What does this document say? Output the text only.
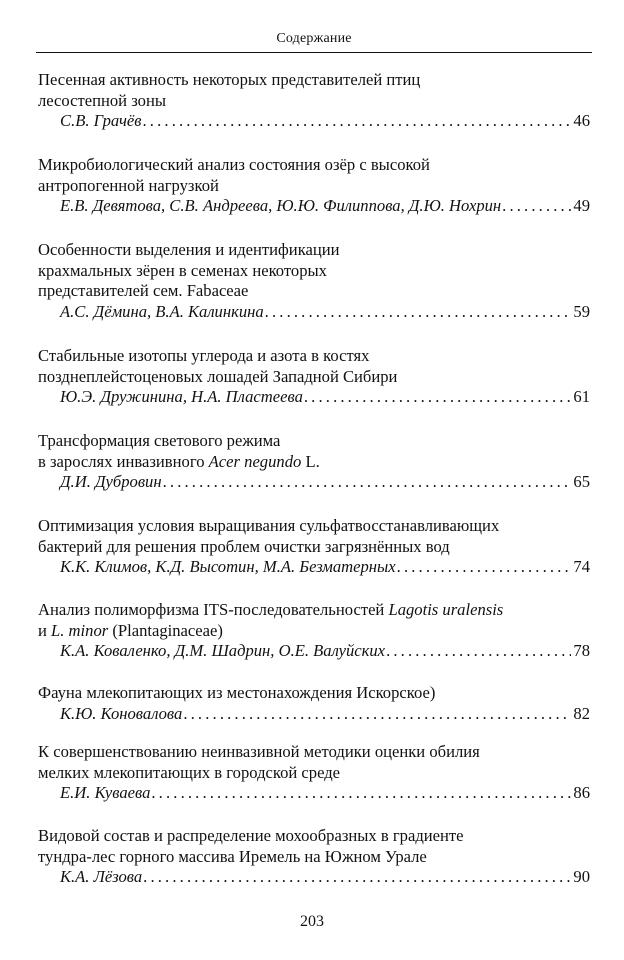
Содержание
Песенная активность некоторых представителей птиц
лесостепной зоны
С.В. Грачёв . . .	46
Микробиологический анализ состояния озёр с высокой
антропогенной нагрузкой
Е.В. Девятова, С.В. Андреева, Ю.Ю. Филиппова, Д.Ю. Нохрин . . .	49
Особенности выделения и идентификации
крахмальных зёрен в семенах некоторых
представителей сем. Fabaceae
А.С. Дёмина, В.А. Калинкина . . .	59
Стабильные изотопы углерода и азота в костях
позднеплейстоценовых лошадей Западной Сибири
Ю.Э. Дружинина, Н.А. Пластеева . . .	61
Трансформация светового режима
в зарослях инвазивного Acer negundo L.
Д.И. Дубровин . . .	65
Оптимизация условия выращивания сульфатвосстанавливающих
бактерий для решения проблем очистки загрязнённых вод
К.К. Климов, К.Д. Высотин, М.А. Безматерных . . .	74
Анализ полиморфизма ITS-последовательностей Lagotis uralensis
и L. minor (Plantaginaceae)
К.А. Коваленко, Д.М. Шадрин, О.Е. Валуйских . . .	78
Фауна млекопитающих из местонахождения Искорское)
К.Ю. Коновалова . . .	82
К совершенствованию неинвазивной методики оценки обилия
мелких млекопитающих в городской среде
Е.И. Куваева . . .	86
Видовой состав и распределение мохообразных в градиенте
тундра-лес горного массива Иремель на Южном Урале
К.А. Лёзова . . .	90
203
